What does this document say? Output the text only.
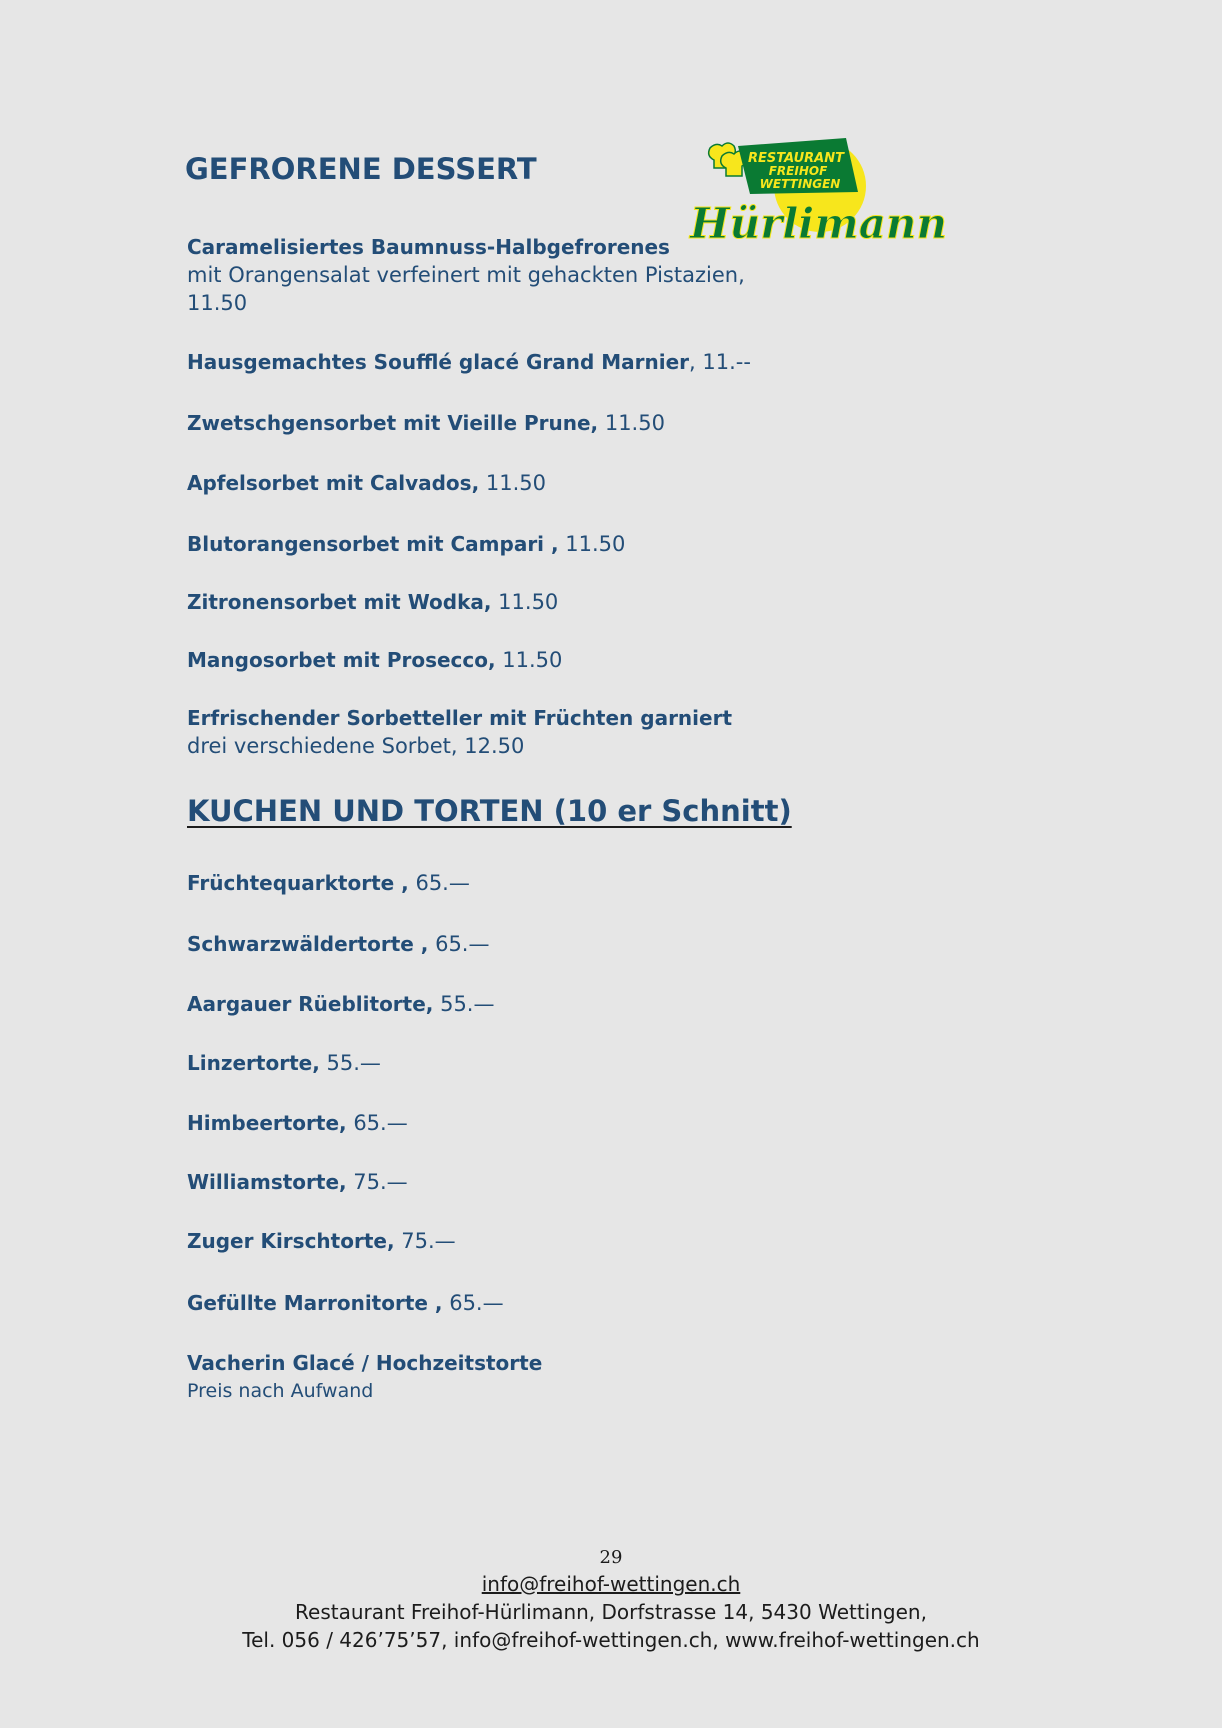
GEFRORENE DESSERT	RESTAURANT
FREIHOF
WETTINGEN
Hürlimann
Caramelisiertes Baumnuss-Halbgefrorenes
mit Orangensalat verfeinert mit gehackten Pistazien,
11.50
Hausgemachtes Soufflé glacé Grand Marnier, 11.--
Zwetschgensorbet mit Vieille Prune, 11.50
Apfelsorbet mit Calvados, 11.50
Blutorangensorbet mit Campari , 11.50
Zitronensorbet mit Wodka, 11.50
Mangosorbet mit Prosecco, 11.50
Erfrischender Sorbetteller mit Früchten garniert
drei verschiedene Sorbet, 12.50
KUCHEN UND TORTEN (10 er Schnitt)
Früchtequarktorte , 65.—
Schwarzwäldertorte , 65.—
Aargauer Rüeblitorte, 55.—
Linzertorte, 55.—
Himbeertorte, 65.—
Williamstorte, 75.—
Zuger Kirschtorte, 75.—
Gefüllte Marronitorte , 65.—
Vacherin Glacé / Hochzeitstorte
Preis nach Aufwand
29
info@freihof-wettingen.ch
Restaurant Freihof-Hürlimann, Dorfstrasse 14, 5430 Wettingen,
Tel. 056 / 426’75’57, info@freihof-wettingen.ch, www.freihof-wettingen.ch
